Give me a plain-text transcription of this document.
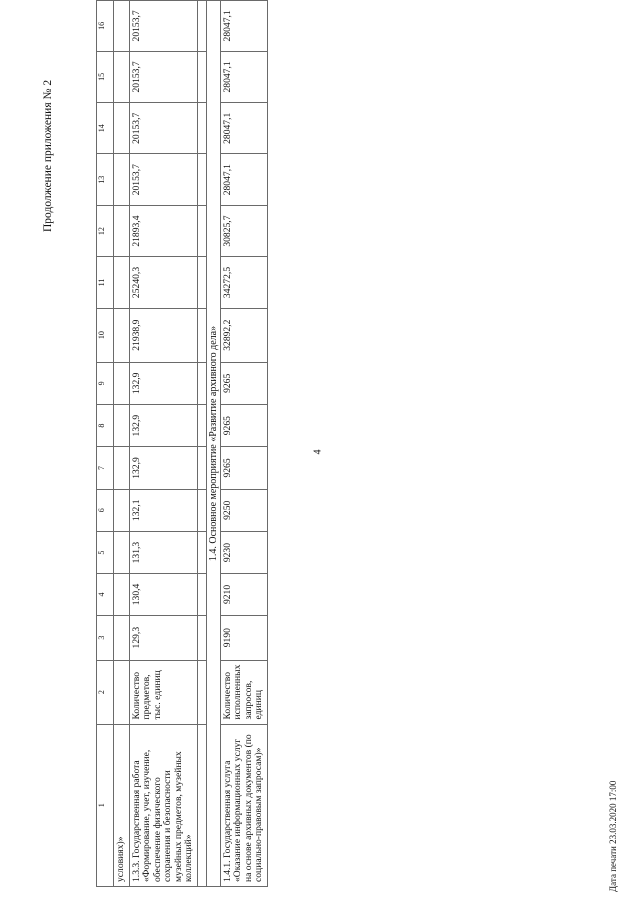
4
Продолжение приложения № 2
Дата печати 23.03.2020 17:00
1	2	3	4	5	6	7	8	9	10	11	12	13	14	15	16
условиях)»															
1.3.3. Государственная работа «Формирование, учет, изучение, обеспечение физического сохранения и безопасности музейных предметов, музейных коллекций»	Количество предметов, тыс. единиц	129,3	130,4	131,3	132,1	132,9	132,9	132,9	21938,9	25240,3	21893,4	20153,7	20153,7	20153,7	20153,7

1.4. Основное мероприятие «Развитие архивного дела»															
1.4.1. Государственная услуга «Оказание информационных услуг на основе архивных документов (по социально-правовым запросам)»	Количество исполненных запросов, единиц	9190	9210	9230	9250	9265	9265	9265	32892,2	34272,5	30825,7	28047,1	28047,1	28047,1	28047,1
